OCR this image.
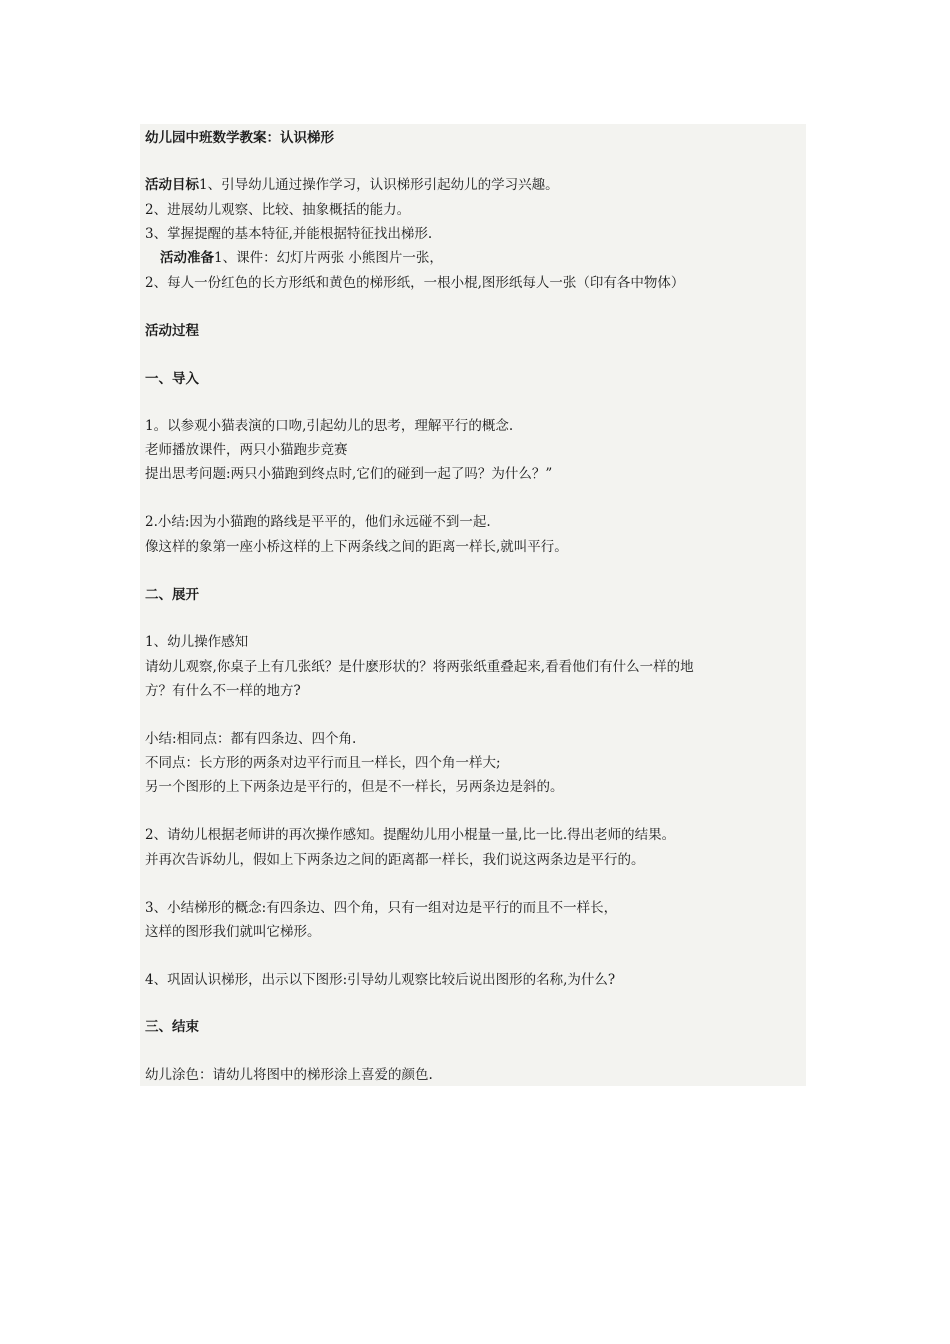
幼儿园中班数学教案：认识梯形
活动目标1、引导幼儿通过操作学习，认识梯形引起幼儿的学习兴趣。
2、进展幼儿观察、比较、抽象概括的能力。
3、掌握提醒的基本特征,并能根据特征找出梯形.
活动准备1、课件：幻灯片两张 小熊图片一张，
2、每人一份红色的长方形纸和黄色的梯形纸，一根小棍,图形纸每人一张（印有各中物体）
活动过程
一、导入
1。以参观小猫表演的口吻,引起幼儿的思考，理解平行的概念.
老师播放课件，两只小猫跑步竞赛
提出思考问题:两只小猫跑到终点时,它们的碰到一起了吗？为什么？”
2.小结:因为小猫跑的路线是平平的，他们永远碰不到一起.
像这样的象第一座小桥这样的上下两条线之间的距离一样长,就叫平行。
二、展开
1、幼儿操作感知
请幼儿观察,你桌子上有几张纸？是什麽形状的？将两张纸重叠起来,看看他们有什么一样的地
方？有什么不一样的地方?
小结:相同点：都有四条边、四个角.
不同点：长方形的两条对边平行而且一样长，四个角一样大;
另一个图形的上下两条边是平行的，但是不一样长，另两条边是斜的。
2、请幼儿根据老师讲的再次操作感知。提醒幼儿用小棍量一量,比一比.得出老师的结果。
并再次告诉幼儿，假如上下两条边之间的距离都一样长，我们说这两条边是平行的。
3、小结梯形的概念:有四条边、四个角，只有一组对边是平行的而且不一样长，
这样的图形我们就叫它梯形。
4、巩固认识梯形，出示以下图形:引导幼儿观察比较后说出图形的名称,为什么?
三、结束
幼儿涂色：请幼儿将图中的梯形涂上喜爱的颜色.
